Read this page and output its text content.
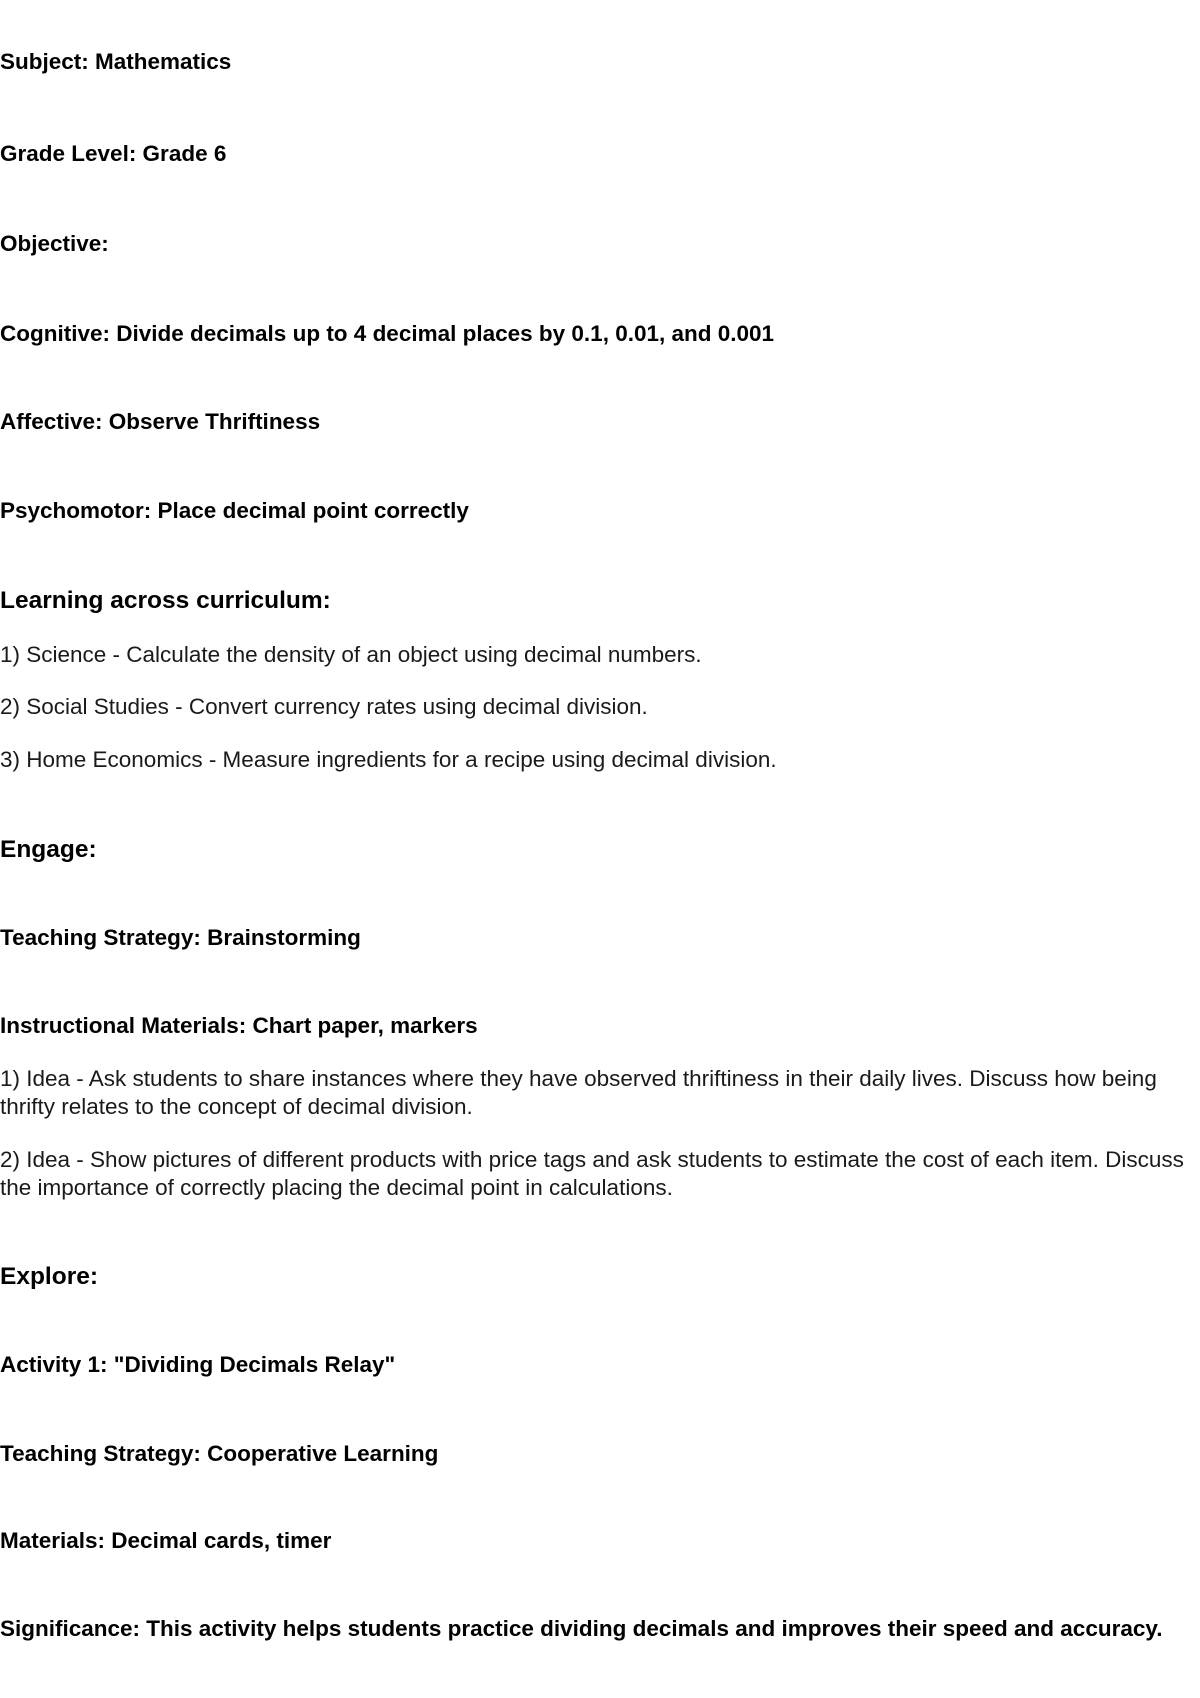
Subject: Mathematics

Grade Level: Grade 6

Objective:

Cognitive: Divide decimals up to 4 decimal places by 0.1, 0.01, and 0.001

Affective: Observe Thriftiness

Psychomotor: Place decimal point correctly

Learning across curriculum:

1) Science - Calculate the density of an object using decimal numbers.

2) Social Studies - Convert currency rates using decimal division.

3) Home Economics - Measure ingredients for a recipe using decimal division.

Engage:

Teaching Strategy: Brainstorming

Instructional Materials: Chart paper, markers

1) Idea - Ask students to share instances where they have observed thriftiness in their daily lives. Discuss how being thrifty relates to the concept of decimal division.

2) Idea - Show pictures of different products with price tags and ask students to estimate the cost of each item. Discuss the importance of correctly placing the decimal point in calculations.

Explore:

Activity 1: "Dividing Decimals Relay"

Teaching Strategy: Cooperative Learning

Materials: Decimal cards, timer

Significance: This activity helps students practice dividing decimals and improves their speed and accuracy.
